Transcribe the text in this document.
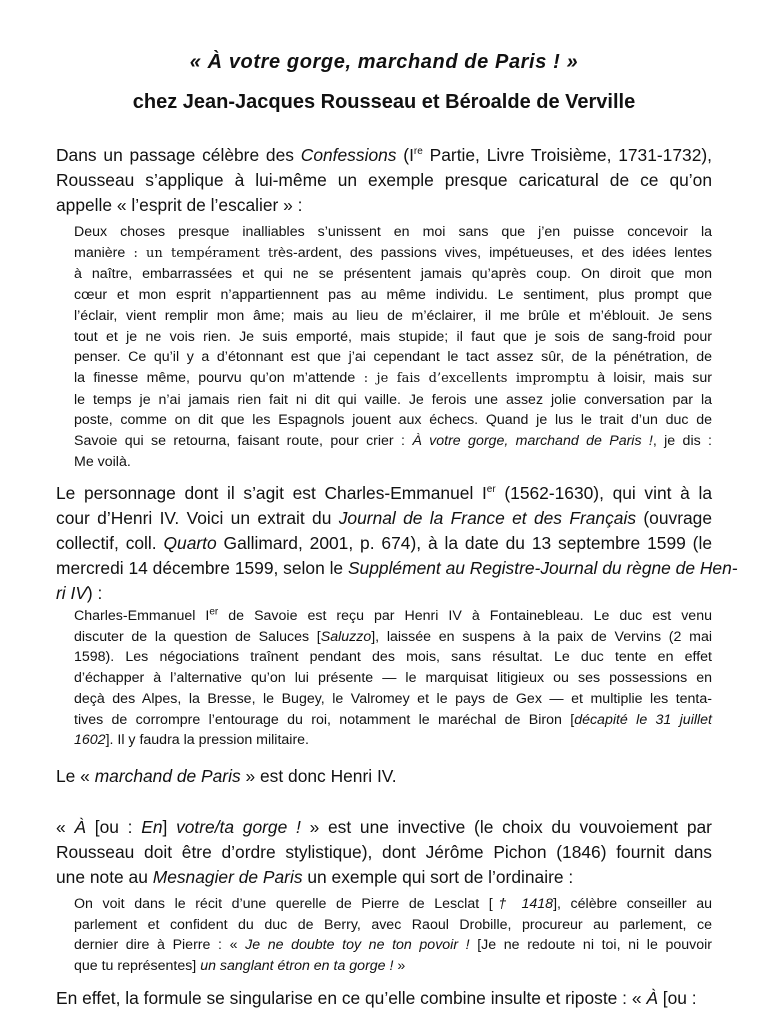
« À votre gorge, marchand de Paris ! »
chez Jean-Jacques Rousseau et Béroalde de Verville
Dans un passage célèbre des Confessions (Ire Partie, Livre Troisième, 1731-1732),
Rousseau s’applique à lui-même un exemple presque caricatural de ce qu’on
appelle « l’esprit de l’escalier » :
Deux choses presque inalliables s’unissent en moi sans que j’en puisse concevoir la
manière : un tempérament très-ardent, des passions vives, impétueuses, et des idées lentes
à naître, embarrassées et qui ne se présentent jamais qu’après coup. On diroit que mon
cœur et mon esprit n’appartiennent pas au même individu. Le sentiment, plus prompt que
l’éclair, vient remplir mon âme; mais au lieu de m’éclairer, il me brûle et m’éblouit. Je sens
tout et je ne vois rien. Je suis emporté, mais stupide; il faut que je sois de sang-froid pour
penser. Ce qu’il y a d’étonnant est que j’ai cependant le tact assez sûr, de la pénétration, de
la finesse même, pourvu qu’on m’attende : je fais d’excellents impromptu à loisir, mais sur
le temps je n’ai jamais rien fait ni dit qui vaille. Je ferois une assez jolie conversation par la
poste, comme on dit que les Espagnols jouent aux échecs. Quand je lus le trait d’un duc de
Savoie qui se retourna, faisant route, pour crier : À votre gorge, marchand de Paris !, je dis :
Me voilà.
Le personnage dont il s’agit est Charles-Emmanuel Ier (1562-1630), qui vint à la
cour d’Henri IV. Voici un extrait du Journal de la France et des Français (ouvrage
collectif, coll. Quarto Gallimard, 2001, p. 674), à la date du 13 septembre 1599 (le
mercredi 14 décembre 1599, selon le Supplément au Registre-Journal du règne de Hen-
ri IV) :
Charles-Emmanuel Ier de Savoie est reçu par Henri IV à Fontainebleau. Le duc est venu
discuter de la question de Saluces [Saluzzo], laissée en suspens à la paix de Vervins (2 mai
1598). Les négociations traînent pendant des mois, sans résultat. Le duc tente en effet
d’échapper à l’alternative qu’on lui présente — le marquisat litigieux ou ses possessions en
deçà des Alpes, la Bresse, le Bugey, le Valromey et le pays de Gex — et multiplie les tenta-
tives de corrompre l’entourage du roi, notamment le maréchal de Biron [décapité le 31 juillet
1602]. Il y faudra la pression militaire.
Le « marchand de Paris » est donc Henri IV.
« À [ou : En] votre/ta gorge ! » est une invective (le choix du vouvoiement par
Rousseau doit être d’ordre stylistique), dont Jérôme Pichon (1846) fournit dans
une note au Mesnagier de Paris un exemple qui sort de l’ordinaire :
On voit dans le récit d’une querelle de Pierre de Lesclat [† 1418], célèbre conseiller au
parlement et confident du duc de Berry, avec Raoul Drobille, procureur au parlement, ce
dernier dire à Pierre : « Je ne doubte toy ne ton povoir ! [Je ne redoute ni toi, ni le pouvoir
que tu représentes] un sanglant étron en ta gorge ! »
En effet, la formule se singularise en ce qu’elle combine insulte et riposte : « À [ou :
